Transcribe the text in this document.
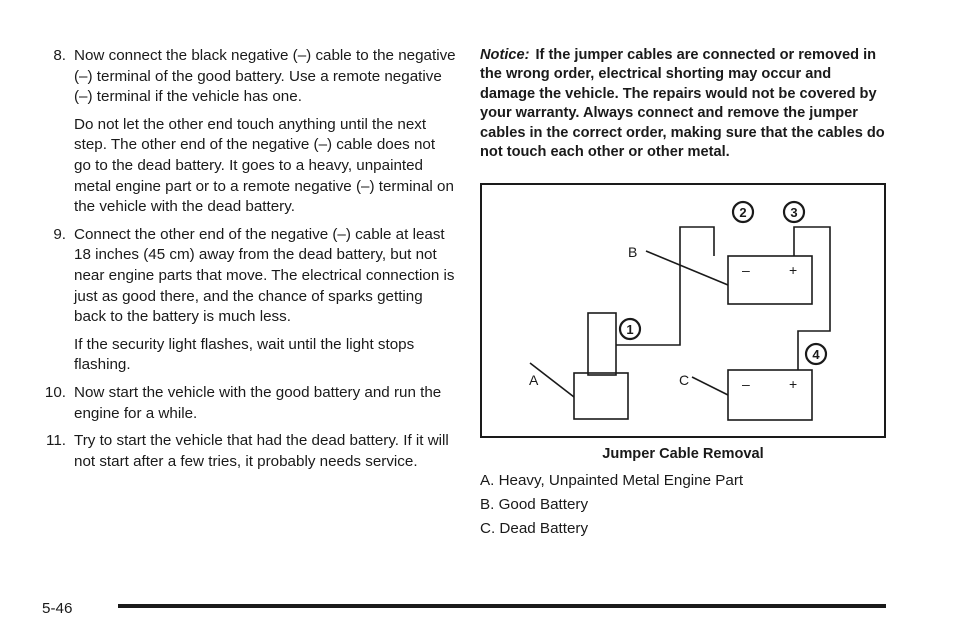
8. Now connect the black negative (–) cable to the negative (–) terminal of the good battery. Use a remote negative (–) terminal if the vehicle has one.

Do not let the other end touch anything until the next step. The other end of the negative (–) cable does not go to the dead battery. It goes to a heavy, unpainted metal engine part or to a remote negative (–) terminal on the vehicle with the dead battery.

9. Connect the other end of the negative (–) cable at least 18 inches (45 cm) away from the dead battery, but not near engine parts that move. The electrical connection is just as good there, and the chance of sparks getting back to the battery is much less.

If the security light flashes, wait until the light stops flashing.

10. Now start the vehicle with the good battery and run the engine for a while.

11. Try to start the vehicle that had the dead battery. If it will not start after a few tries, it probably needs service.

Notice: If the jumper cables are connected or removed in the wrong order, electrical shorting may occur and damage the vehicle. The repairs would not be covered by your warranty. Always connect and remove the jumper cables in the correct order, making sure that the cables do not touch each other or other metal.

–	+
–	+
B
A	C
1
2	3
4
Jumper Cable Removal
A. Heavy, Unpainted Metal Engine Part
B. Good Battery
C. Dead Battery
5-46
